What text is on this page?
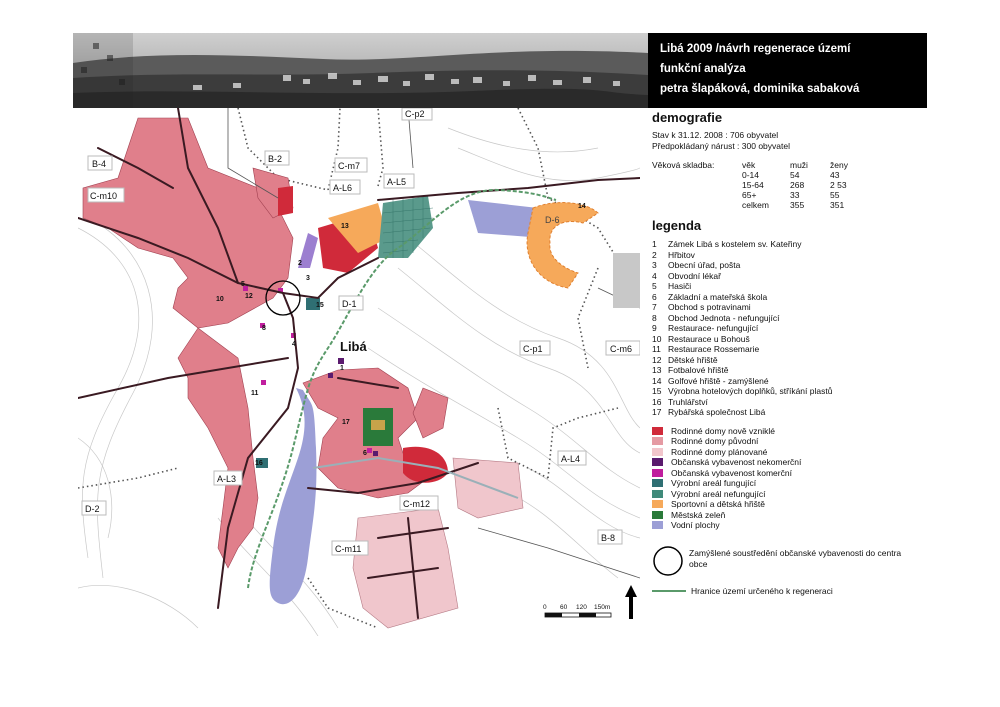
Libá 2009 /návrh regenerace území
funkční analýza
petra šlapáková, dominika sabaková
B-4
C-m10
B-2
C-m7
A-L6
A-L5
C-p2
D-6
D-1
C-p1	C-m6
A-L3
A-L4
D-2	C-m12
C-m11
B-8
Libá
1
2
3
4
5
6
8
10
11
12
13
14
15
16
17
demografie
Stav k 31.12. 2008 : 706 obyvatel
Předpokládaný nárust : 300 obyvatel
Věková skladba:	věk	muži	ženy
0-14	54	43
15-64	268	2 53
65+	33	55
celkem	355	351
legenda
1	Zámek Libá s kostelem sv. Kateřiny
2	Hřbitov
3	Obecní úřad, pošta
4	Obvodní lékař
5	Hasiči
6	Základní a mateřská škola
7	Obchod s potravinami
8	Obchod Jednota - nefungující
9	Restaurace- nefungující
10 Restaurace u Bohouš
11 Restaurace Rossemarie
12 Dětské hřiště
13 Fotbalové hřiště
14 Golfové hřiště - zamýšlené
15 Výrobna hotelových doplňků, stříkání plastů
16 Truhlářství
17 Rybářská společnost Libá
Rodinné domy nově vzniklé
Rodinné domy původní
Rodinné domy plánované
Občanská vybavenost nekomerční
Občanská vybavenost komerční
Výrobní areál fungující
Výrobní areál nefungující
Sportovní a dětská hřiště
Městská zeleň
Vodní plochy
Zamýšlené soustředění občanské vybavenosti do centra obce
Hranice území určeného k regeneraci
0 60 120 150m
